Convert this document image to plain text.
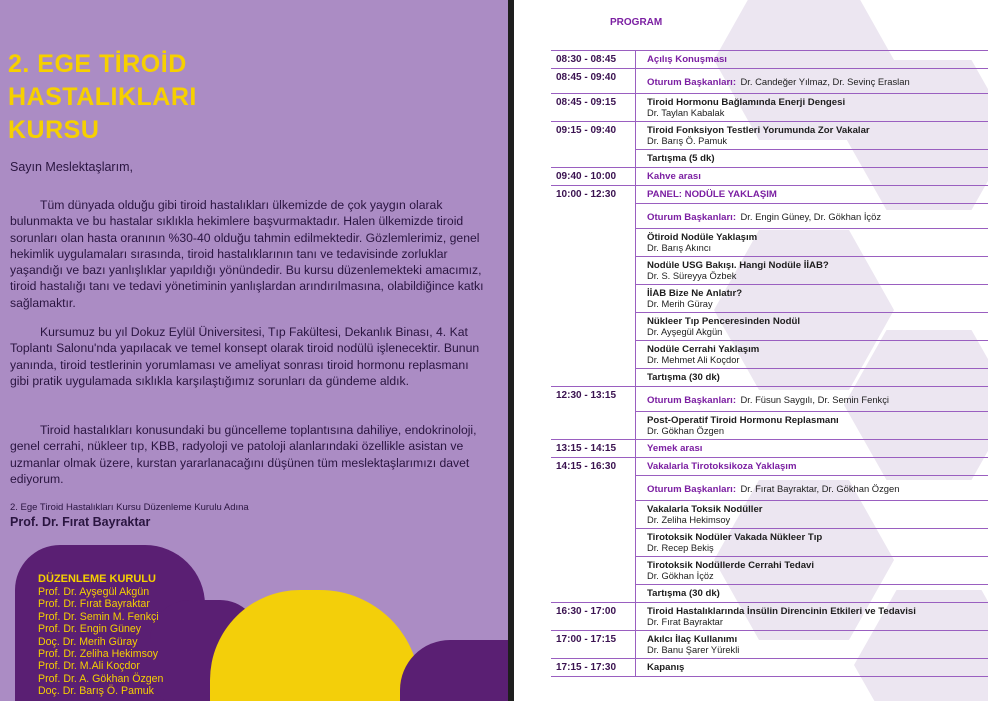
2. EGE TİROİD
HASTALIKLARI
KURSU

Sayın Meslektaşlarım,

Tüm dünyada olduğu gibi tiroid hastalıkları ülkemizde de çok yaygın olarak bulunmakta ve bu hastalar sıklıkla hekimlere başvurmaktadır. Halen ülkemizde tiroid sorunları olan hasta oranının %30-40 olduğu tahmin edilmektedir. Gözlemlerimiz, genel hekimlik uygulamaları sırasında, tiroid hastalıklarının tanı ve tedavisinde zorluklar yaşandığı ve bazı yanlışlıklar yapıldığı yönündedir. Bu kursu düzenlemekteki amacımız, tiroid hastalığı tanı ve tedavi yönetiminin yanlışlardan arındırılmasına, olabildiğince katkı sağlamaktır.

Kursumuz bu yıl Dokuz Eylül Üniversitesi, Tıp Fakültesi, Dekanlık Binası, 4. Kat Toplantı Salonu'nda yapılacak ve temel konsept olarak tiroid nodülü işlenecektir. Bunun yanında, tiroid testlerinin yorumlaması ve ameliyat sonrası tiroid hormonu replasmanı gibi pratik uygulamada sıklıkla karşılaştığımız sorunları da gündeme aldık.

Tiroid hastalıkları konusundaki bu güncelleme toplantısına dahiliye, endokrinoloji, genel cerrahi, nükleer tıp, KBB, radyoloji ve patoloji alanlarındaki özellikle asistan ve uzmanlar olmak üzere, kurstan yararlanacağını düşünen tüm meslektaşlarımızı davet ediyorum.

2. Ege Tiroid Hastalıkları Kursu Düzenleme Kurulu Adına

Prof. Dr. Fırat Bayraktar

DÜZENLEME KURULU

Prof. Dr. Ayşegül Akgün
Prof. Dr. Fırat Bayraktar
Prof. Dr. Semin M. Fenkçi
Prof. Dr. Engin Güney
Doç. Dr. Merih Güray
Prof. Dr. Zeliha Hekimsoy
Prof. Dr. M.Ali Koçdor
Prof. Dr. A. Gökhan Özgen
Doç. Dr. Barış Ö. Pamuk

PROGRAM

08:30 - 08:45	Açılış Konuşması
08:45 - 09:40	Oturum Başkanları: Dr. Candeğer Yılmaz, Dr. Sevinç Eraslan
08:45 - 09:15	Tiroid Hormonu Bağlamında Enerji Dengesi
Dr. Taylan Kabalak
09:15 - 09:40	Tiroid Fonksiyon Testleri Yorumunda Zor Vakalar
Dr. Barış Ö. Pamuk
Tartışma (5 dk)
09:40 - 10:00	Kahve arası
10:00 - 12:30	PANEL: NODÜLE YAKLAŞIM
Oturum Başkanları: Dr. Engin Güney, Dr. Gökhan İçöz
Ötiroid Nodüle Yaklaşım
Dr. Barış Akıncı
Nodüle USG Bakışı. Hangi Nodüle İİAB?
Dr. S. Süreyya Özbek
İİAB Bize Ne Anlatır?
Dr. Merih Güray
Nükleer Tıp Penceresinden Nodül
Dr. Ayşegül Akgün
Nodüle Cerrahi Yaklaşım
Dr. Mehmet Ali Koçdor
Tartışma (30 dk)
12:30 - 13:15	Oturum Başkanları: Dr. Füsun Saygılı, Dr. Semin Fenkçi
Post-Operatif Tiroid Hormonu Replasmanı
Dr. Gökhan Özgen
13:15 - 14:15	Yemek arası
14:15 - 16:30	Vakalarla Tirotoksikoza Yaklaşım
Oturum Başkanları: Dr. Fırat Bayraktar, Dr. Gökhan Özgen
Vakalarla Toksik Nodüller
Dr. Zeliha Hekimsoy
Tirotoksik Nodüler Vakada Nükleer Tıp
Dr. Recep Bekiş
Tirotoksik Nodüllerde Cerrahi Tedavi
Dr. Gökhan İçöz
Tartışma (30 dk)
16:30 - 17:00	Tiroid Hastalıklarında İnsülin Direncinin Etkileri ve Tedavisi
Dr. Fırat Bayraktar
17:00 - 17:15	Akılcı İlaç Kullanımı
Dr. Banu Şarer Yürekli
17:15 - 17:30	Kapanış
